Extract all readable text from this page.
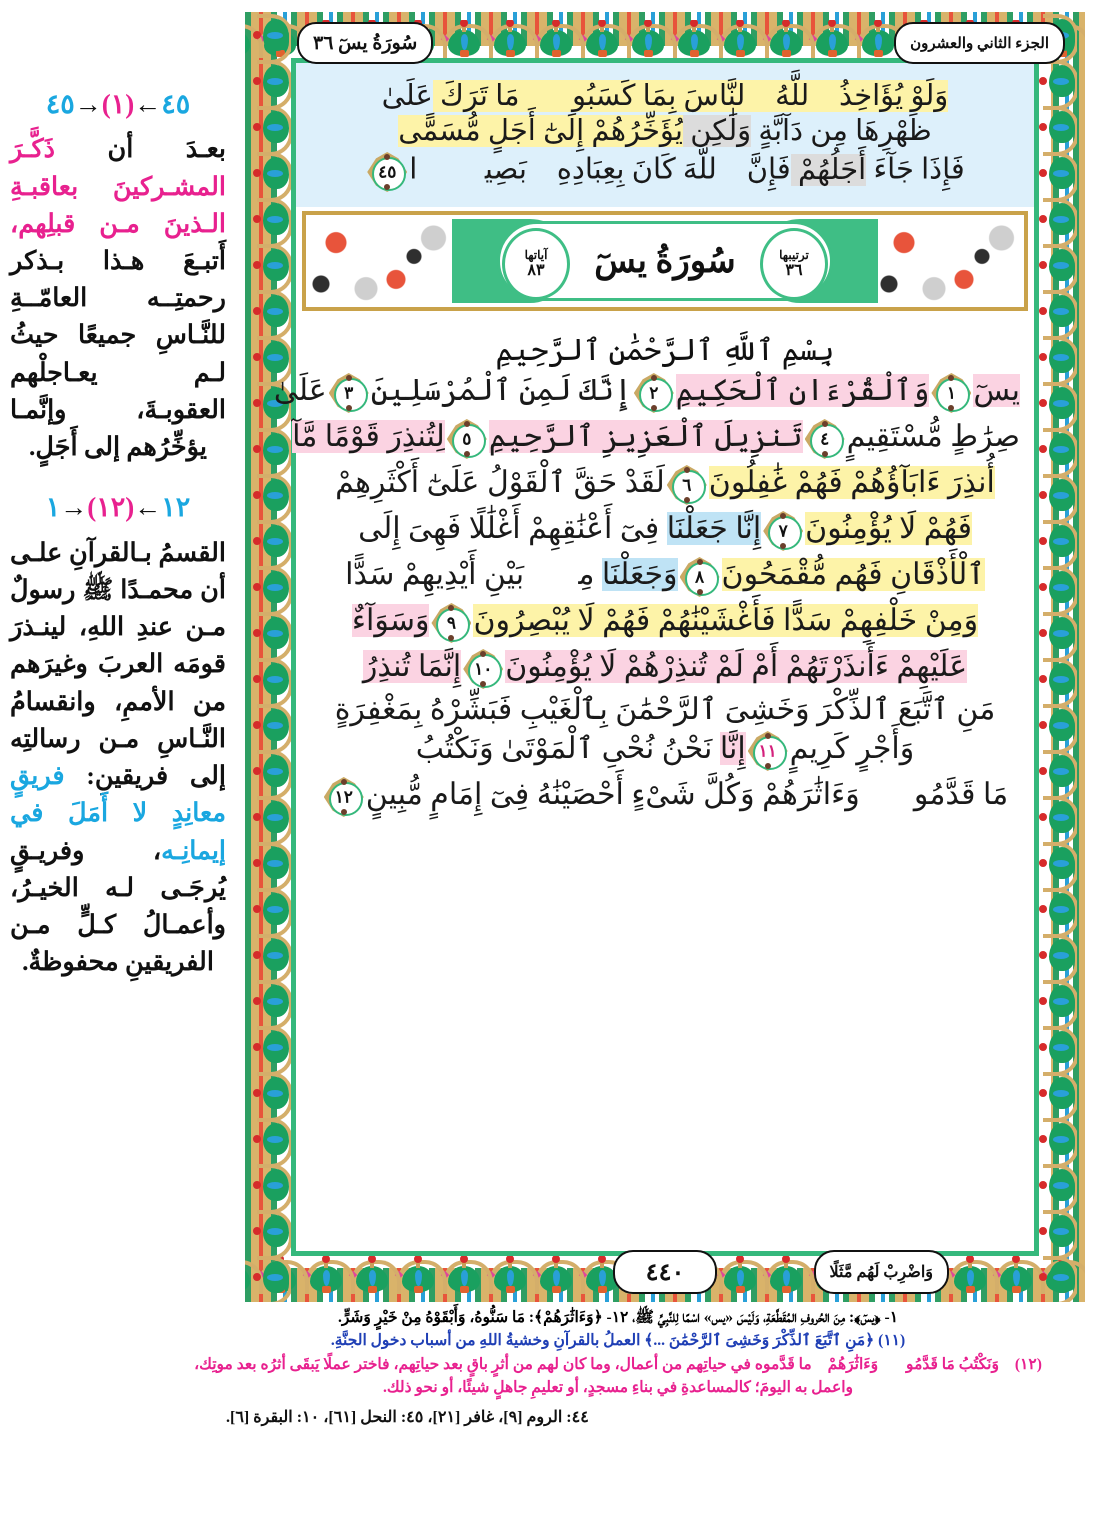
٤٥←(١)→٤٥
بعـدَ أن ذَكَّـرَ المشـركينَ بعاقبـةِ الـذينَ مـن قبلِهم، أَتبـعَ هـذا بـذكر رحمتِــه العامّــةِ للنَّـاسِ جميعًا حيثُ لـم يعـاجلْهم العقوبـةَ، وإنَّمـا يؤخِّرُهم إلى أَجَلٍ.
١٢←(١٢)→١
القسمُ بـالقرآنِ علـى أن محمـدًا ﷺ رسولٌ مـن عندِ اللهِ، لينـذرَ قومَه العربَ وغيرَهم من الأممِ، وانقسامُ النَّـاسِ مـن رسالتِه إلى فريقينِ: فريقٍ معانِدٍ لا أَمَلَ في إيمانِـه، وفريـقٍ يُرجَـى لـه الخيـرُ، وأعمـالُ كـلٍّ مـن الفريقينِ محفوظةٌ.
سُورَةُ يسٓ ٣٦	الجزء الثاني والعشرون
وَاضْرِبْ لَهُم مَّثَلًا
٤٤٠
وَلَوْ يُؤَاخِذُ ٱللَّهُ ٱلنَّاسَ بِمَا كَسَبُوا۟ مَا تَرَكَ عَلَىٰ
ظَهْرِهَا مِن دَآبَّةٍ وَلَٰكِن يُؤَخِّرُهُمْ إِلَىٰٓ أَجَلٍ مُّسَمًّى
فَإِذَا جَآءَ أَجَلُهُمْ فَإِنَّ ٱللَّهَ كَانَ بِعِبَادِهِۦ بَصِيرًۢا
٤٥
آياتها
٨٣ سُورَةُ يسٓ	ترتيبها
٣٦
بِسْمِ ٱللَّهِ ٱلرَّحْمَٰنِ ٱلرَّحِيمِ
يسٓ
١
وَٱلْقُرْءَانِ ٱلْحَكِيمِ
٢
إِنَّكَ لَمِنَ ٱلْمُرْسَلِينَ
٣
عَلَىٰ
صِرَٰطٍ مُّسْتَقِيمٍ
٤
تَنزِيلَ ٱلْعَزِيزِ ٱلرَّحِيمِ
٥
لِتُنذِرَ قَوْمًا مَّآ
أُنذِرَ ءَابَآؤُهُمْ فَهُمْ غَٰفِلُونَ
٦
لَقَدْ حَقَّ ٱلْقَوْلُ عَلَىٰٓ أَكْثَرِهِمْ
فَهُمْ لَا يُؤْمِنُونَ
٧
إِنَّا جَعَلْنَا فِىٓ أَعْنَٰقِهِمْ أَغْلَٰلًا فَهِىَ إِلَى
ٱلْأَذْقَانِ فَهُم مُّقْمَحُونَ
٨
وَجَعَلْنَا مِنۢ بَيْنِ أَيْدِيهِمْ سَدًّا
وَمِنْ خَلْفِهِمْ سَدًّا فَأَغْشَيْنَٰهُمْ فَهُمْ لَا يُبْصِرُونَ
٩
وَسَوَآءٌ
عَلَيْهِمْ ءَأَنذَرْتَهُمْ أَمْ لَمْ تُنذِرْهُمْ لَا يُؤْمِنُونَ
١٠
إِنَّمَا تُنذِرُ
مَنِ ٱتَّبَعَ ٱلذِّكْرَ وَخَشِىَ ٱلرَّحْمَٰنَ بِٱلْغَيْبِ فَبَشِّرْهُ بِمَغْفِرَةٍ
وَأَجْرٍ كَرِيمٍ
١١
إِنَّا نَحْنُ نُحْىِ ٱلْمَوْتَىٰ وَنَكْتُبُ
مَا قَدَّمُوا۟ وَءَاثَٰرَهُمْ وَكُلَّ شَىْءٍ أَحْصَيْنَٰهُ فِىٓ إِمَامٍ مُّبِينٍ
١٢
١- ﴿يسٓ﴾: مِنَ الحُروفِ المُقَطَّعَةِ، وَلَيْسَ «يس» اسْمًا لِلنَّبِيِّ ﷺ، ١٢- ﴿وَءَاثَٰرَهُمْ﴾: مَا سَنُّوهُ، وَأَبْقَوْهُ مِنْ خَيْرٍ وَشَرٍّ.
(١١) ﴿مَنِ ٱتَّبَعَ ٱلذِّكْرَ وَخَشِىَ ٱلرَّحْمَٰنَ ...﴾ العملُ بالقرآنِ وخشيةُ اللهِ من أسباب دخول الجنَّةِ.
(١٢) ﴿وَنَكْتُبُ مَا قَدَّمُوا۟ وَءَاثَٰرَهُمْ﴾ ما قَدَّموه في حياتِهم من أعمال، وما كان لهم من أثرٍ باقٍ بعد حياتِهم، فاختر عملًا يَبقَى أثرُه بعد موتِك،
واعمل به اليومَ؛ كالمساعدةِ في بناءِ مسجدٍ، أو تعليمِ جاهلٍ شيئًا، أو نحو ذلك.
٤٤: الروم [٩]، غافر [٢١]، ٤٥: النحل [٦١]، ١٠: البقرة [٦].
